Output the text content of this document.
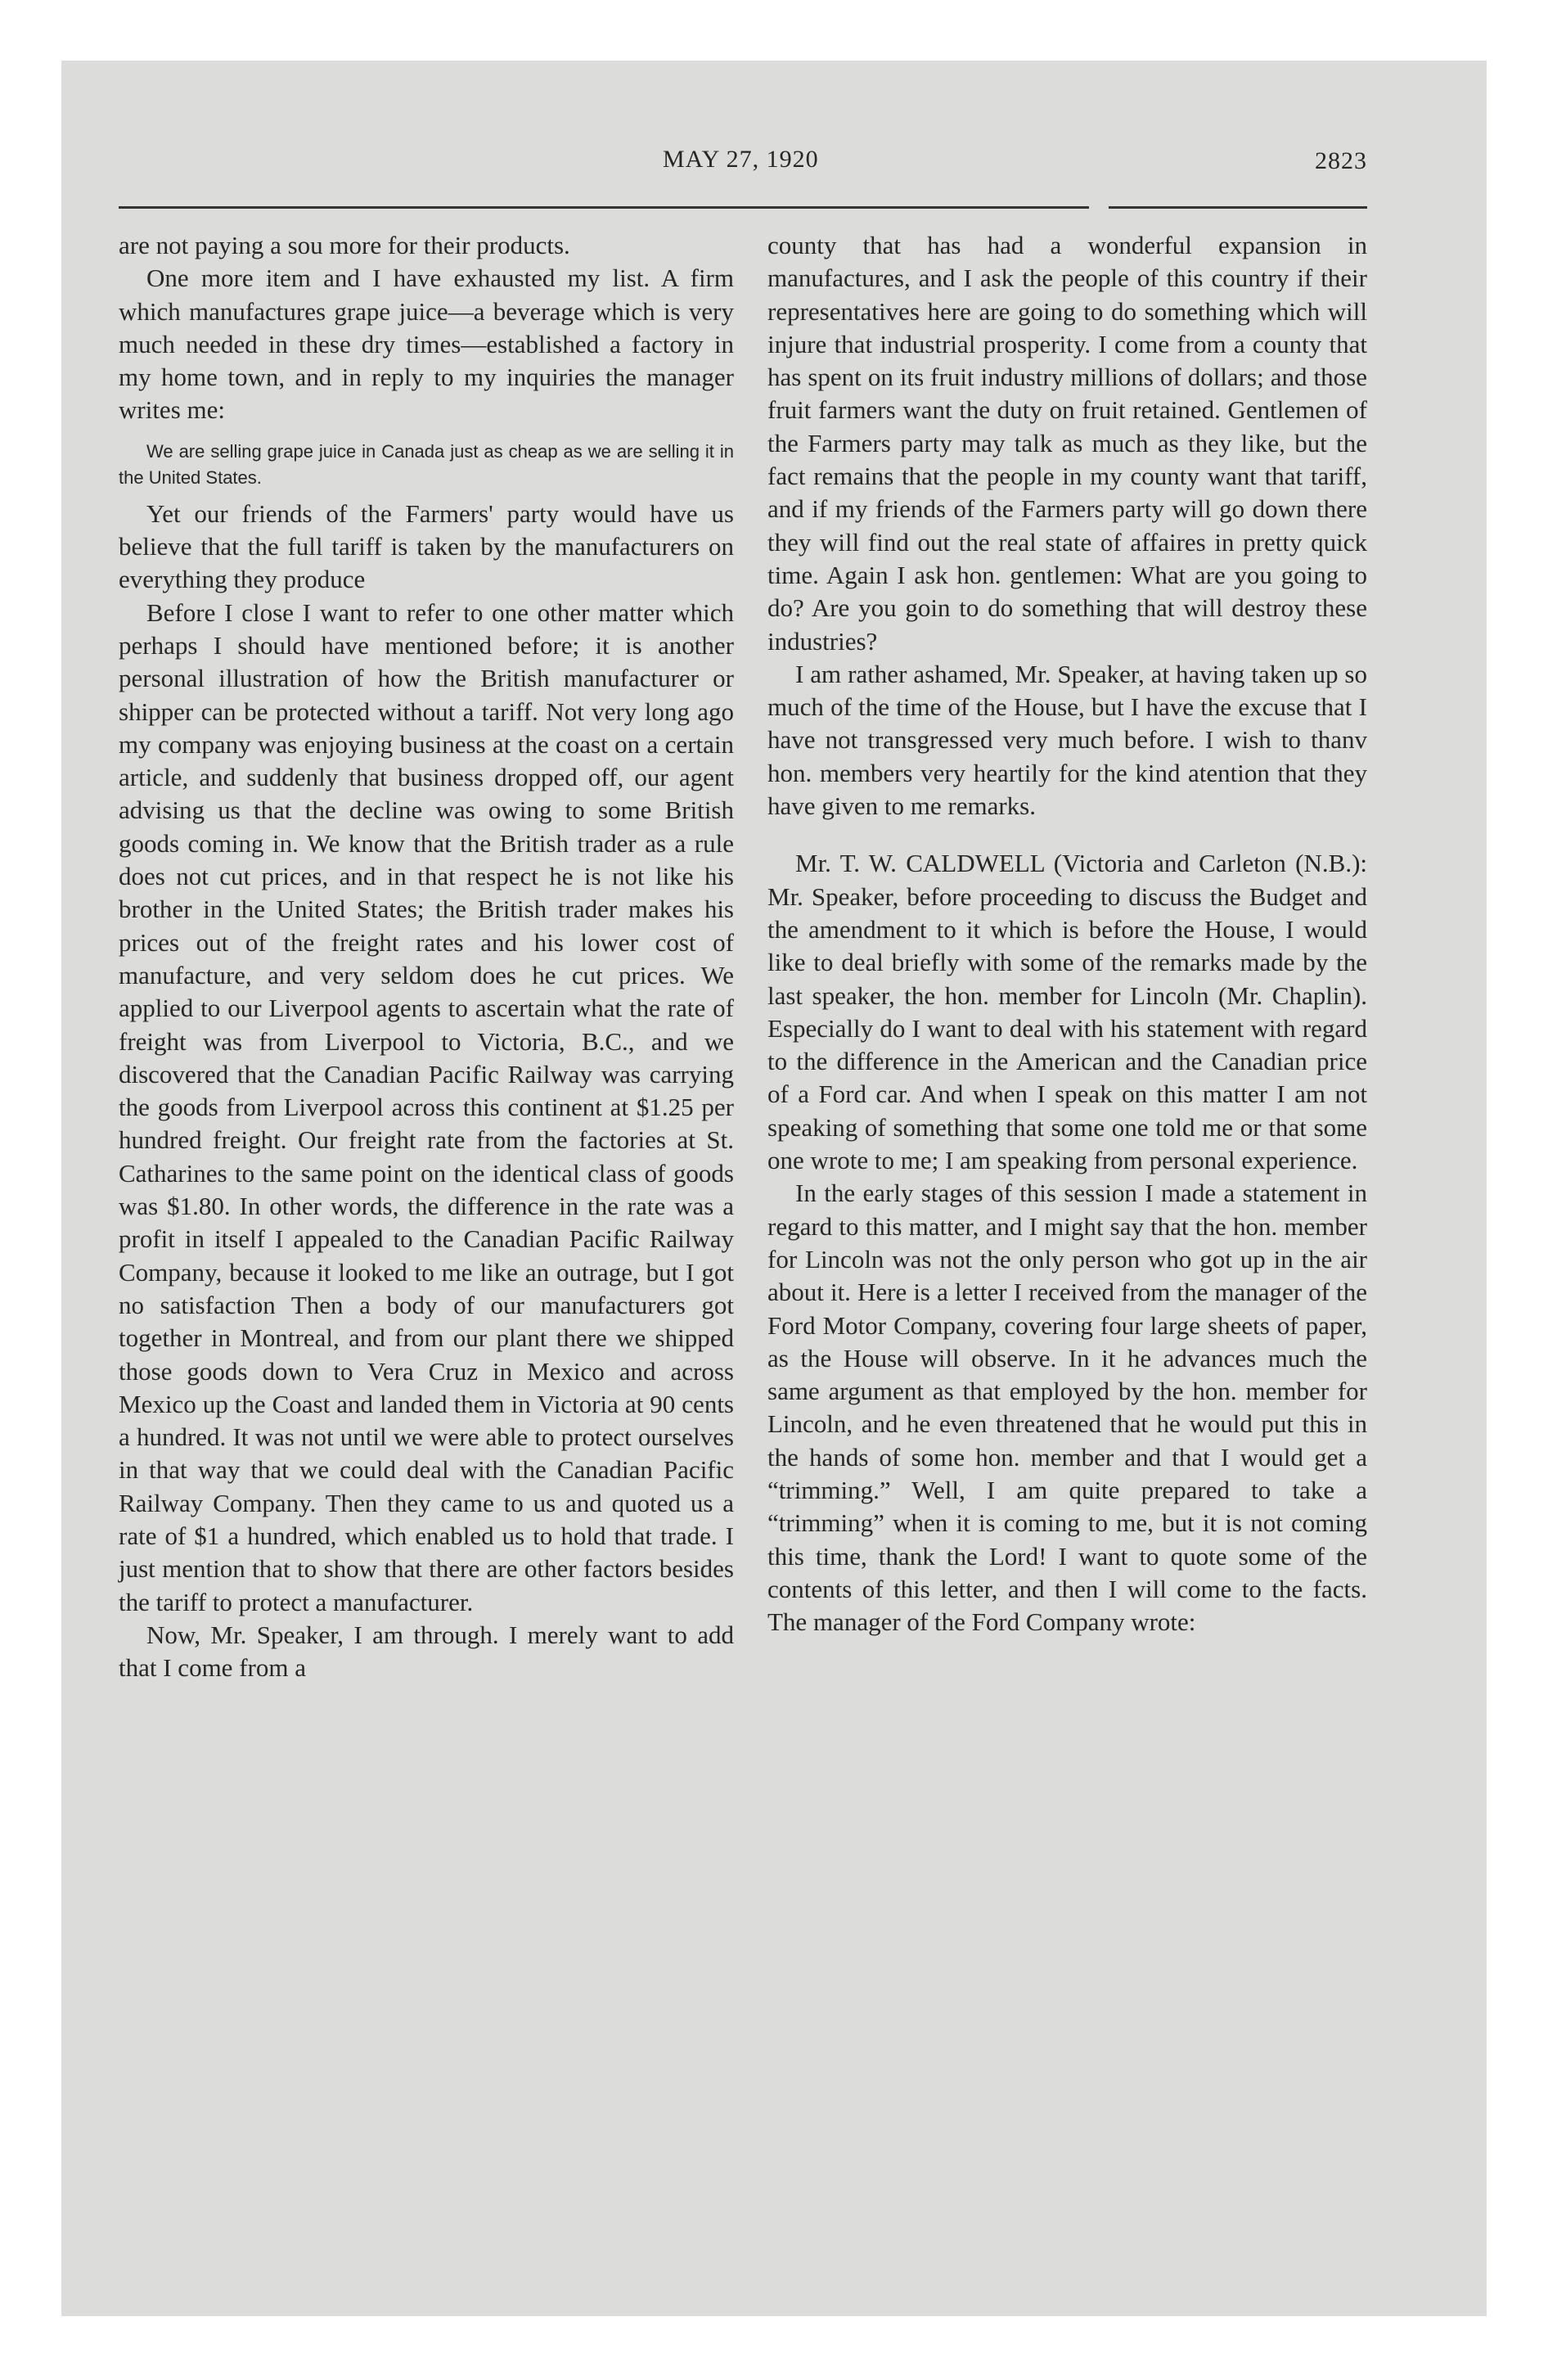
MAY 27, 1920	2823

are not paying a sou more for their products.

One more item and I have exhausted my list. A firm which manufactures grape juice—a beverage which is very much needed in these dry times—established a factory in my home town, and in reply to my inquiries the manager writes me:

We are selling grape juice in Canada just as cheap as we are selling it in the United States.

Yet our friends of the Farmers' party would have us believe that the full tariff is taken by the manufacturers on everything they produce

Before I close I want to refer to one other matter which perhaps I should have mentioned before; it is another personal illustration of how the British manufacturer or shipper can be protected without a tariff. Not very long ago my company was enjoying business at the coast on a certain article, and suddenly that business dropped off, our agent advising us that the decline was owing to some British goods coming in. We know that the British trader as a rule does not cut prices, and in that respect he is not like his brother in the United States; the British trader makes his prices out of the freight rates and his lower cost of manufacture, and very seldom does he cut prices. We applied to our Liverpool agents to ascertain what the rate of freight was from Liverpool to Victoria, B.C., and we discovered that the Canadian Pacific Railway was carrying the goods from Liverpool across this continent at $1.25 per hundred freight. Our freight rate from the factories at St. Catharines to the same point on the identical class of goods was $1.80. In other words, the difference in the rate was a profit in itself I appealed to the Canadian Pacific Railway Company, because it looked to me like an outrage, but I got no satisfaction Then a body of our manufacturers got together in Montreal, and from our plant there we shipped those goods down to Vera Cruz in Mexico and across Mexico up the Coast and landed them in Victoria at 90 cents a hundred. It was not until we were able to protect ourselves in that way that we could deal with the Canadian Pacific Railway Company. Then they came to us and quoted us a rate of $1 a hundred, which enabled us to hold that trade. I just mention that to show that there are other factors besides the tariff to protect a manufacturer.

Now, Mr. Speaker, I am through. I merely want to add that I come from a

county that has had a wonderful expansion in manufactures, and I ask the people of this country if their representatives here are going to do something which will injure that industrial prosperity. I come from a county that has spent on its fruit industry millions of dollars; and those fruit farmers want the duty on fruit retained. Gentlemen of the Farmers party may talk as much as they like, but the fact remains that the people in my county want that tariff, and if my friends of the Farmers party will go down there they will find out the real state of affaires in pretty quick time. Again I ask hon. gentlemen: What are you going to do? Are you goin to do something that will destroy these industries?

I am rather ashamed, Mr. Speaker, at having taken up so much of the time of the House, but I have the excuse that I have not transgressed very much before. I wish to thanv hon. members very heartily for the kind atention that they have given to me remarks.

Mr. T. W. CALDWELL (Victoria and Carleton (N.B.): Mr. Speaker, before proceeding to discuss the Budget and the amendment to it which is before the House, I would like to deal briefly with some of the remarks made by the last speaker, the hon. member for Lincoln (Mr. Chaplin). Especially do I want to deal with his statement with regard to the difference in the American and the Canadian price of a Ford car. And when I speak on this matter I am not speaking of something that some one told me or that some one wrote to me; I am speaking from personal experience.

In the early stages of this session I made a statement in regard to this matter, and I might say that the hon. member for Lincoln was not the only person who got up in the air about it. Here is a letter I received from the manager of the Ford Motor Company, covering four large sheets of paper, as the House will observe. In it he advances much the same argument as that employed by the hon. member for Lincoln, and he even threatened that he would put this in the hands of some hon. member and that I would get a “trimming.” Well, I am quite prepared to take a “trimming” when it is coming to me, but it is not coming this time, thank the Lord! I want to quote some of the contents of this letter, and then I will come to the facts. The manager of the Ford Company wrote:
